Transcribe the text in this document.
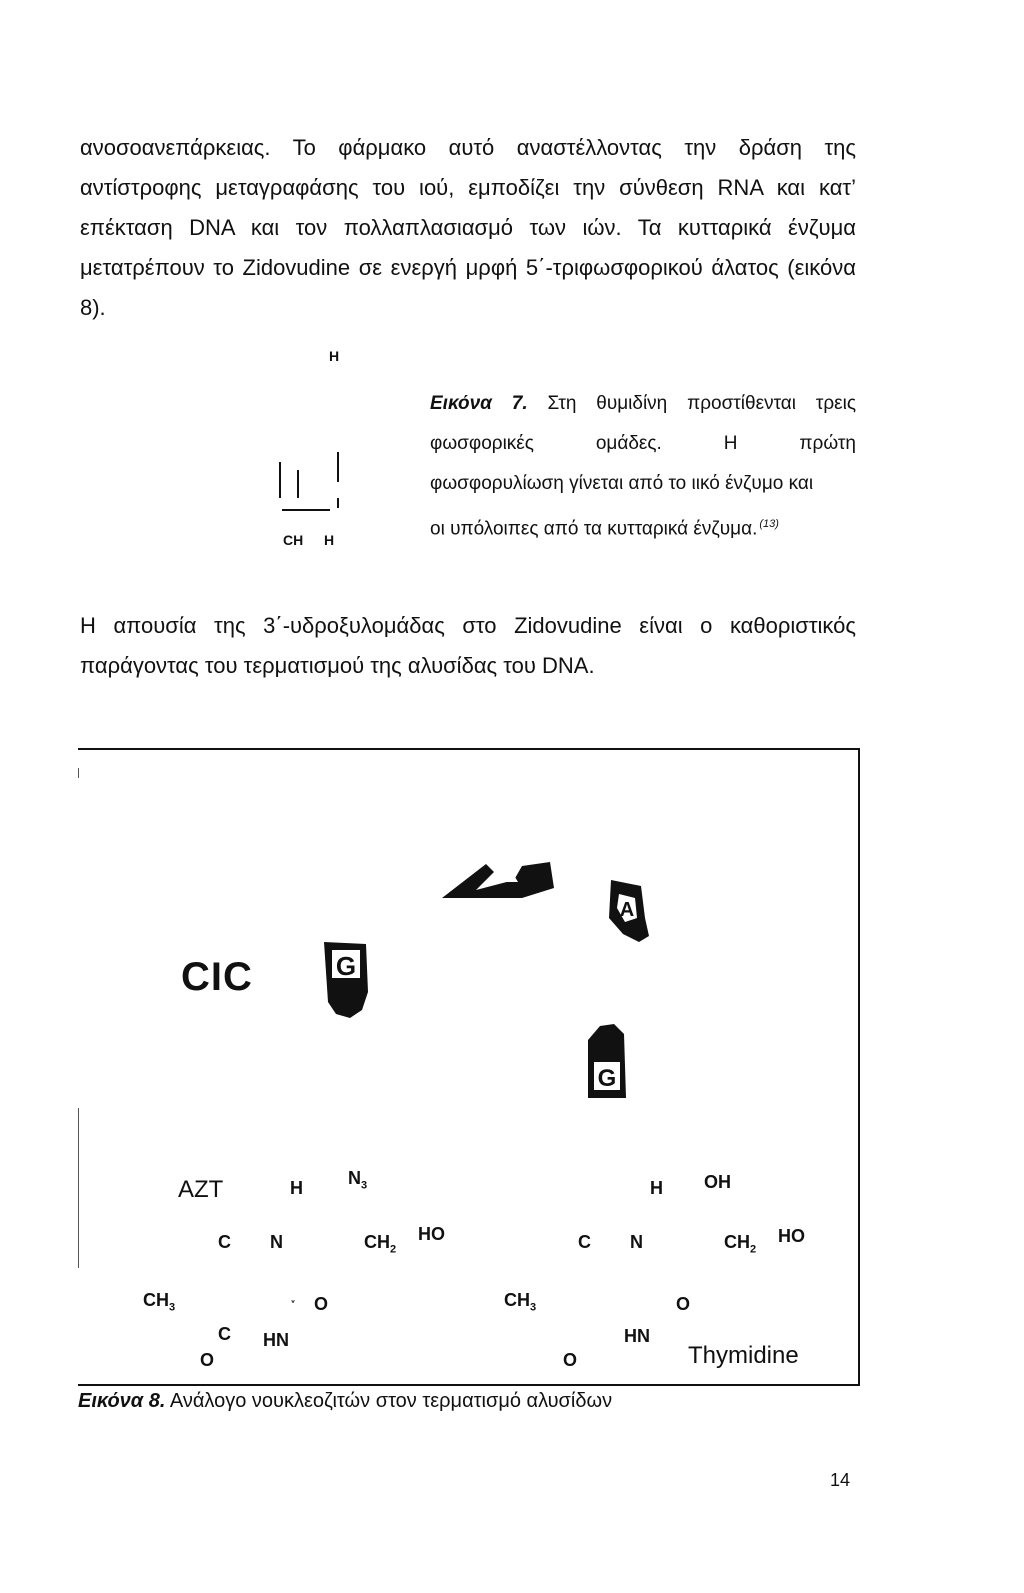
ανοσοανεπάρκειας. Το φάρμακο αυτό αναστέλλοντας την δράση της
αντίστροφης μεταγραφάσης του ιού, εμποδίζει την σύνθεση RNA και κατ’
επέκταση DNA και τον πολλαπλασιασμό των ιών. Τα κυτταρικά ένζυμα
μετατρέπουν το Zidovudine σε ενεργή μρφή 5΄-τριφωσφορικού άλατος (εικόνα
8).
H
CH H
Εικόνα 7. Στη θυμιδίνη προστίθενται τρεις
φωσφορικές ομάδες. Η πρώτη
φωσφορυλίωση γίνεται από το ιικό ένζυμο και
οι υπόλοιπες από τα κυτταρικά ένζυμα. $^{(13)}$
Η απουσία της 3΄-υδροξυλομάδας στο Zidovudine είναι ο καθοριστικός
παράγοντας του τερματισμού της αλυσίδας του DNA.
CIC	G
A
G
AZT	H	$N_3$
C N	$CH_2$
HO
$CH_3$
˯ O
C HN
O
H OH
C N	$CH_2$
HO
$CH_3$	O
HN
O	Thymidine
Εικόνα 8. Ανάλογο νουκλεοζιτών στον τερματισμό αλυσίδων
14
